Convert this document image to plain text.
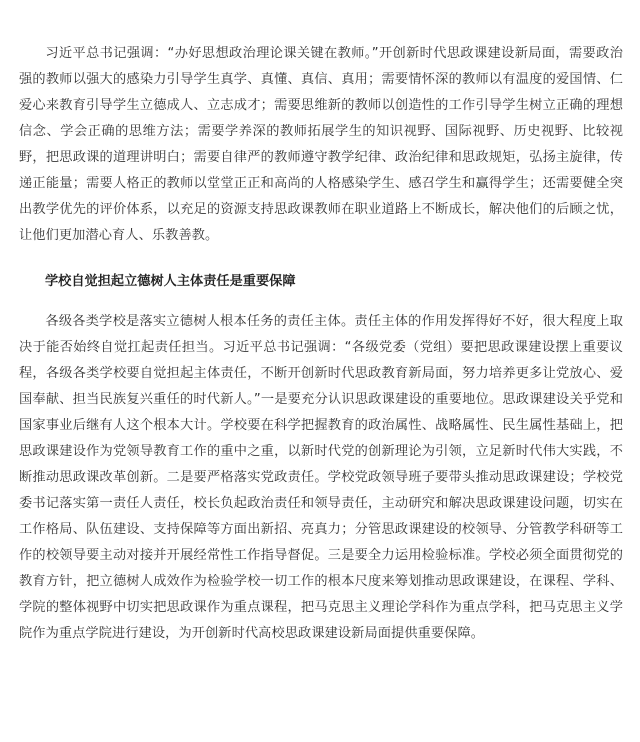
习近平总书记强调：“办好思想政治理论课关键在教师。”开创新时代思政课建设新局面，需要政治强的教师以强大的感染力引导学生真学、真懂、真信、真用；需要情怀深的教师以有温度的爱国情、仁爱心来教育引导学生立德成人、立志成才；需要思维新的教师以创造性的工作引导学生树立正确的理想信念、学会正确的思维方法；需要学养深的教师拓展学生的知识视野、国际视野、历史视野、比较视野，把思政课的道理讲明白；需要自律严的教师遵守教学纪律、政治纪律和思政规矩，弘扬主旋律，传递正能量；需要人格正的教师以堂堂正正和高尚的人格感染学生、感召学生和赢得学生；还需要健全突出教学优先的评价体系，以充足的资源支持思政课教师在职业道路上不断成长，解决他们的后顾之忧，让他们更加潜心育人、乐教善教。

学校自觉担起立德树人主体责任是重要保障

各级各类学校是落实立德树人根本任务的责任主体。责任主体的作用发挥得好不好，很大程度上取决于能否始终自觉扛起责任担当。习近平总书记强调：“各级党委（党组）要把思政课建设摆上重要议程，各级各类学校要自觉担起主体责任，不断开创新时代思政教育新局面，努力培养更多让党放心、爱国奉献、担当民族复兴重任的时代新人。”一是要充分认识思政课建设的重要地位。思政课建设关乎党和国家事业后继有人这个根本大计。学校要在科学把握教育的政治属性、战略属性、民生属性基础上，把思政课建设作为党领导教育工作的重中之重，以新时代党的创新理论为引领，立足新时代伟大实践，不断推动思政课改革创新。二是要严格落实党政责任。学校党政领导班子要带头推动思政课建设；学校党委书记落实第一责任人责任，校长负起政治责任和领导责任，主动研究和解决思政课建设问题，切实在工作格局、队伍建设、支持保障等方面出新招、亮真力；分管思政课建设的校领导、分管教学科研等工作的校领导要主动对接并开展经常性工作指导督促。三是要全力运用检验标准。学校必须全面贯彻党的教育方针，把立德树人成效作为检验学校一切工作的根本尺度来筹划推动思政课建设，在课程、学科、学院的整体视野中切实把思政课作为重点课程，把马克思主义理论学科作为重点学科，把马克思主义学院作为重点学院进行建设，为开创新时代高校思政课建设新局面提供重要保障。
